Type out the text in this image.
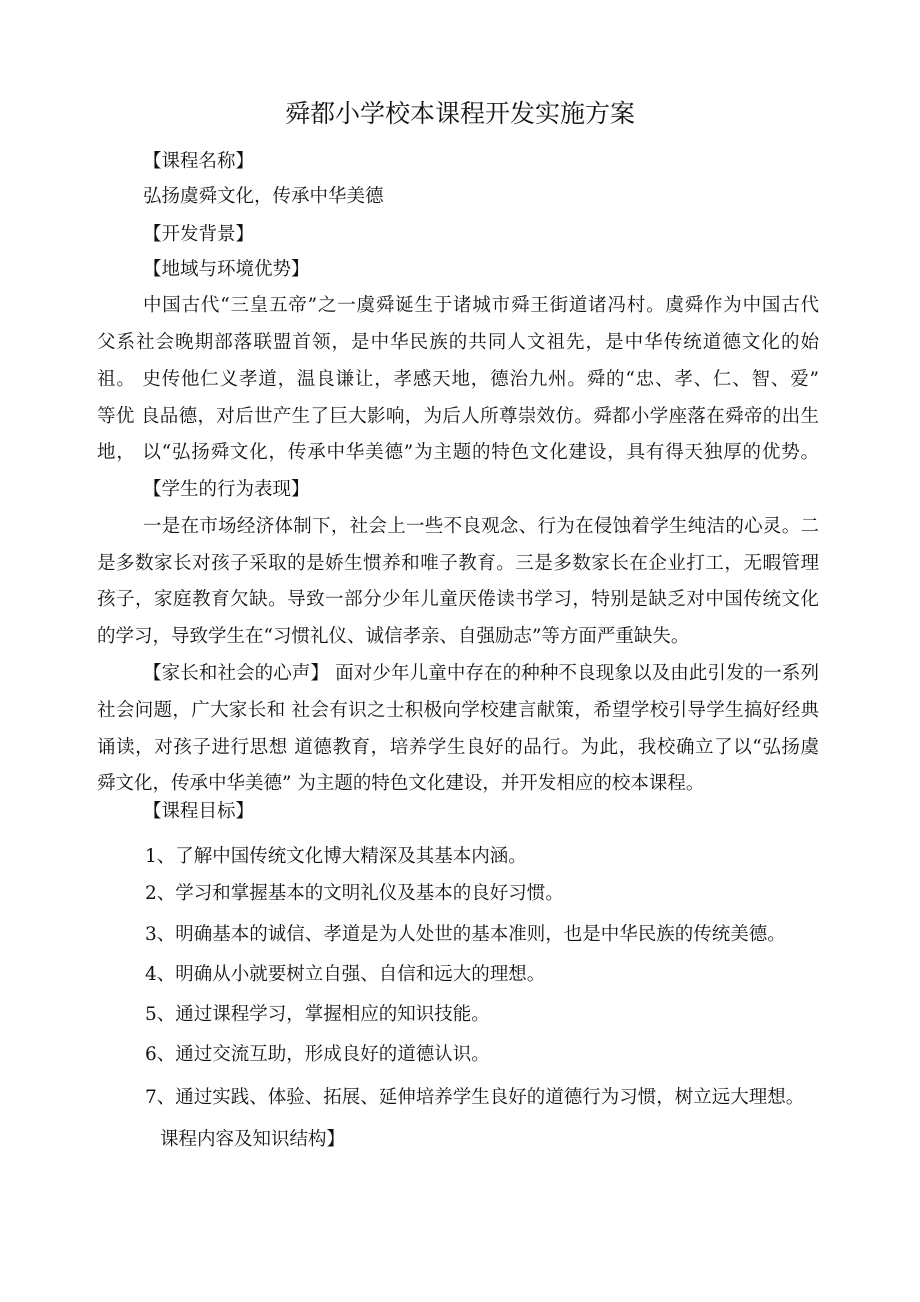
舜都小学校本课程开发实施方案
【课程名称】
弘扬虞舜文化，传承中华美德
【开发背景】
【地域与环境优势】
中国古代“三皇五帝”之一虞舜诞生于诸城市舜王街道诸冯村。虞舜作为中国古代
父系社会晚期部落联盟首领，是中华民族的共同人文祖先，是中华传统道德文化的始
祖。 史传他仁义孝道，温良谦让，孝感天地，德治九州。舜的“忠、孝、仁、智、爱”
等优 良品德，对后世产生了巨大影响，为后人所尊崇效仿。舜都小学座落在舜帝的出生
地， 以“弘扬舜文化，传承中华美德”为主题的特色文化建设，具有得天独厚的优势。
【学生的行为表现】
一是在市场经济体制下，社会上一些不良观念、行为在侵蚀着学生纯洁的心灵。二
是多数家长对孩子采取的是娇生惯养和唯子教育。三是多数家长在企业打工，无暇管理
孩子，家庭教育欠缺。导致一部分少年儿童厌倦读书学习，特别是缺乏对中国传统文化
的学习，导致学生在“习惯礼仪、诚信孝亲、自强励志”等方面严重缺失。
【家长和社会的心声】 面对少年儿童中存在的种种不良现象以及由此引发的一系列
社会问题，广大家长和 社会有识之士积极向学校建言献策，希望学校引导学生搞好经典
诵读，对孩子进行思想 道德教育，培养学生良好的品行。为此，我校确立了以“弘扬虞
舜文化，传承中华美德” 为主题的特色文化建设，并开发相应的校本课程。
【课程目标】
1、了解中国传统文化博大精深及其基本内涵。
2、学习和掌握基本的文明礼仪及基本的良好习惯。
3、明确基本的诚信、孝道是为人处世的基本准则，也是中华民族的传统美德。
4、明确从小就要树立自强、自信和远大的理想。
5、通过课程学习，掌握相应的知识技能。
6、通过交流互助，形成良好的道德认识。
7、通过实践、体验、拓展、延伸培养学生良好的道德行为习惯，树立远大理想。
课程内容及知识结构】
